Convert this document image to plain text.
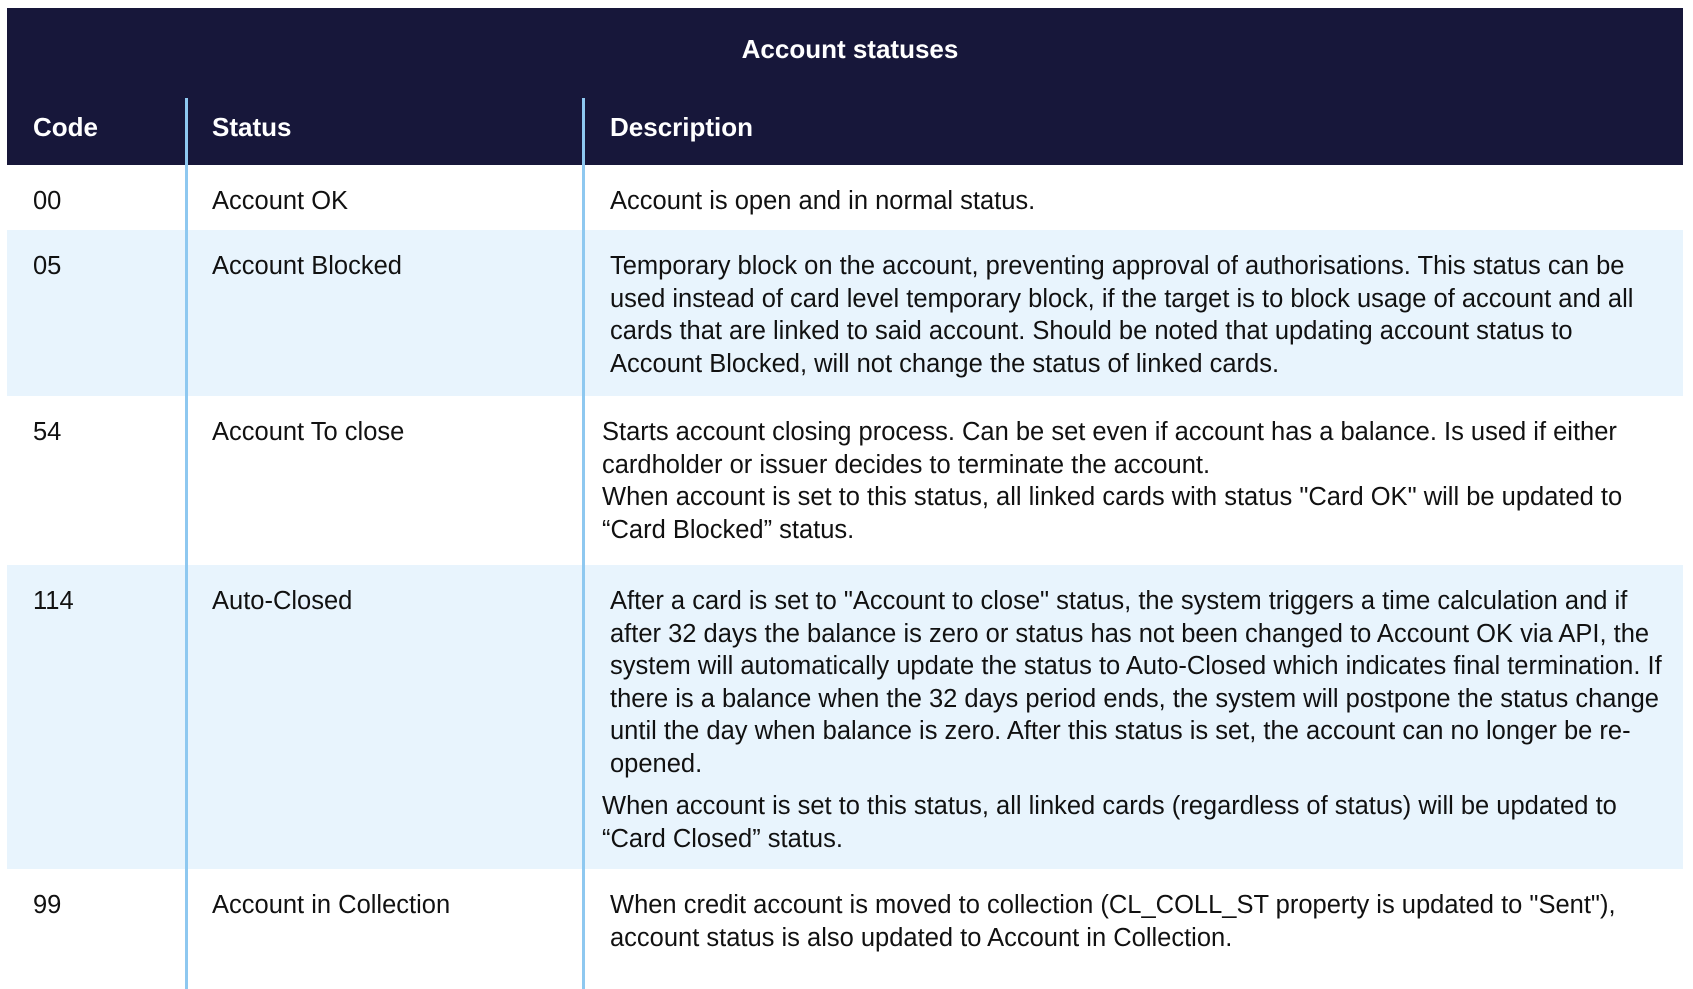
Account statuses
Code	Status	Description
00	Account OK	Account is open and in normal status.

05	Account Blocked	Temporary block on the account, preventing approval of authorisations. This status can be used instead of card level temporary block, if the target is to block usage of account and all cards that are linked to said account. Should be noted that updating account status to Account Blocked, will not change the status of linked cards.

54	Account To close	Starts account closing process. Can be set even if account has a balance. Is used if either cardholder or issuer decides to terminate the account.

When account is set to this status, all linked cards with status "Card OK" will be updated to “Card Blocked” status.

114	Auto-Closed	After a card is set to "Account to close" status, the system triggers a time calculation and if after 32 days the balance is zero or status has not been changed to Account OK via API, the system will automatically update the status to Auto-Closed which indicates final termination. If there is a balance when the 32 days period ends, the system will postpone the status change until the day when balance is zero. After this status is set, the account can no longer be re-opened.

When account is set to this status, all linked cards (regardless of status) will be updated to “Card Closed” status.

99	Account in Collection	When credit account is moved to collection (CL_COLL_ST property is updated to "Sent"), account status is also updated to Account in Collection.
